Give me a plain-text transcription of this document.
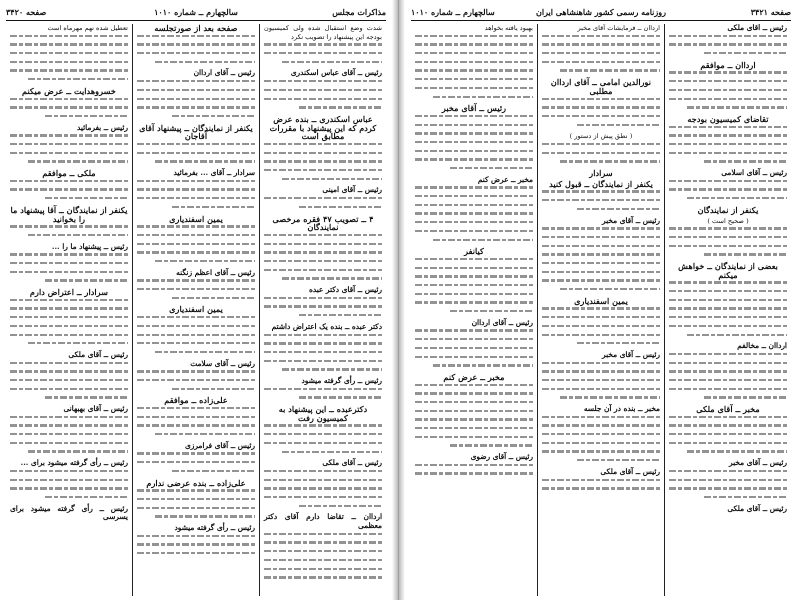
مذاکرات مجلس
سالچهارم ــ شماره ۱۰۱۰
صفحه ۳۴۲۰

شدت وضع استقبال شده ولی کمیسیون بودجه این پیشنهاد را تصویب نکرد

رئیس ــ آقای عباس اسکندری

عباس اسکندری ــ بنده عرض کردم که این پیشنهاد با مقررات مطابق است

رئیس ــ آقای امینی

۴ ــ تصویب ۴۷ فقره مرخصی نمایندگان

رئیس ــ آقای دکتر عبده

دکتر عبده ــ بنده یک اعتراض داشتم

رئیس ــ رأی گرفته میشود

دکترعبده ــ این پیشنهاد به کمیسیون رفت

رئیس ــ آقای ملکی

ارداان ــ تقاضا دارم آقای دکتر معظمی

صفحه بعد از صورتجلسه

رئیس ــ آقای ارداان

یکنفر از نمایندگان ــ پیشنهاد آقای آقاجان

سرادار ــ آقای ... بفرمائید

یمین اسفندیاری

رئیس ــ آقای اعظم زنگنه

یمین اسفندیاری

رئیس ــ آقای سلامت

علی‌زاده ــ موافقم

رئیس ــ آقای فرامرزی

علی‌زاده ــ بنده عرضی ندارم

رئیس ــ رأی گرفته میشود

تعطیل شده نهم مهرماه است

خسروهدایت ــ عرض میکنم

رئیس ــ بفرمائید

ملکی ــ موافقم

یکنفر از نمایندگان ــ آقا پیشنهاد ما را بخوانید

رئیس ــ پیشنهاد ما را ...

سرادار ــ اعتراض دارم

رئیس ــ آقای ملکی

رئیس ــ آقای بهبهانی

رئیس ــ رأی گرفته میشود برای ...

رئیس ــ رأی گرفته میشود برای یسرسی

صفحه ۳۴۲۱
روزنامه رسمی کشور شاهنشاهی ایران
سالچهارم ــ شماره ۱۰۱۰

رئیس ــ آقای ملکی

ارداان ــ موافقم

تقاضای کمیسیون بودجه

رئیس ــ آقای اسلامی

یکنفر از نمایندگان

( صحیح است )

بعضی از نمایندگان ــ خواهش میکنم

ارداان ــ مخالفم

مخبر ــ آقای ملکی

رئیس ــ آقای مخبر

رئیس ــ آقای ملکی

ارداان ــ فرمایشات آقای مخبر

نورالدین امامی ــ آقای ارداان مطلبی

( نطق پیش از دستور )

سرادار

یکنفر از نمایندگان ــ قبول کنید

رئیس ــ آقای مخبر

یمین اسفندیاری

رئیس ــ آقای مخبر

مخبر ــ بنده در آن جلسه

رئیس ــ آقای ملکی

بهبود یافته بخواهد

رئیس ــ آقای مخبر

مخبر ــ عرض کنم

کیانفر

رئیس ــ آقای ارداان

مخبر ــ عرض کنم

رئیس ــ آقای رضوی
